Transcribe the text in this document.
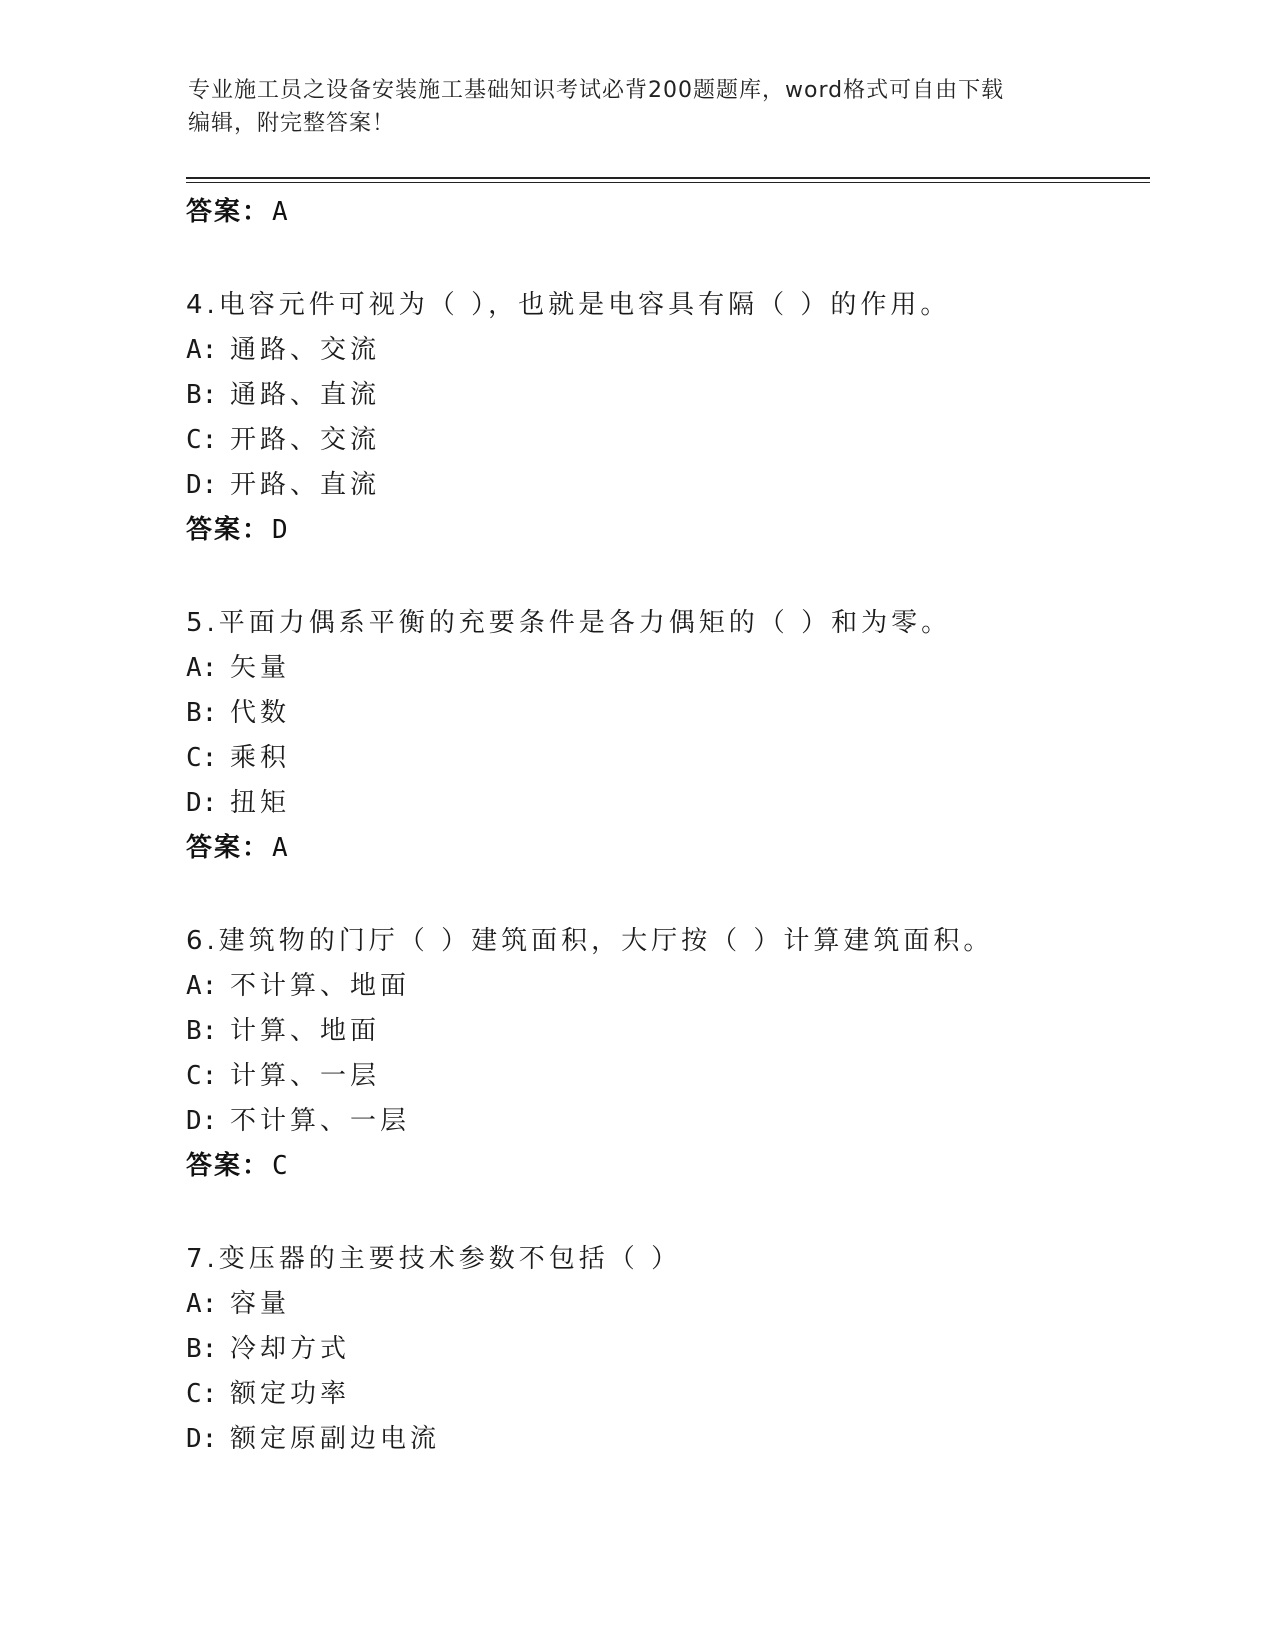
专业施工员之设备安装施工基础知识考试必背200题题库，word格式可自由下载
编辑，附完整答案！

答案：A

4.电容元件可视为（ ），也就是电容具有隔（ ）的作用。

A: 通路、交流

B: 通路、直流

C: 开路、交流

D: 开路、直流

答案：D

5.平面力偶系平衡的充要条件是各力偶矩的（ ）和为零。

A: 矢量

B: 代数

C: 乘积

D: 扭矩

答案：A

6.建筑物的门厅（ ）建筑面积，大厅按（ ）计算建筑面积。

A: 不计算、地面

B: 计算、地面

C: 计算、一层

D: 不计算、一层

答案：C

7.变压器的主要技术参数不包括（ ）

A: 容量

B: 冷却方式

C: 额定功率

D: 额定原副边电流
